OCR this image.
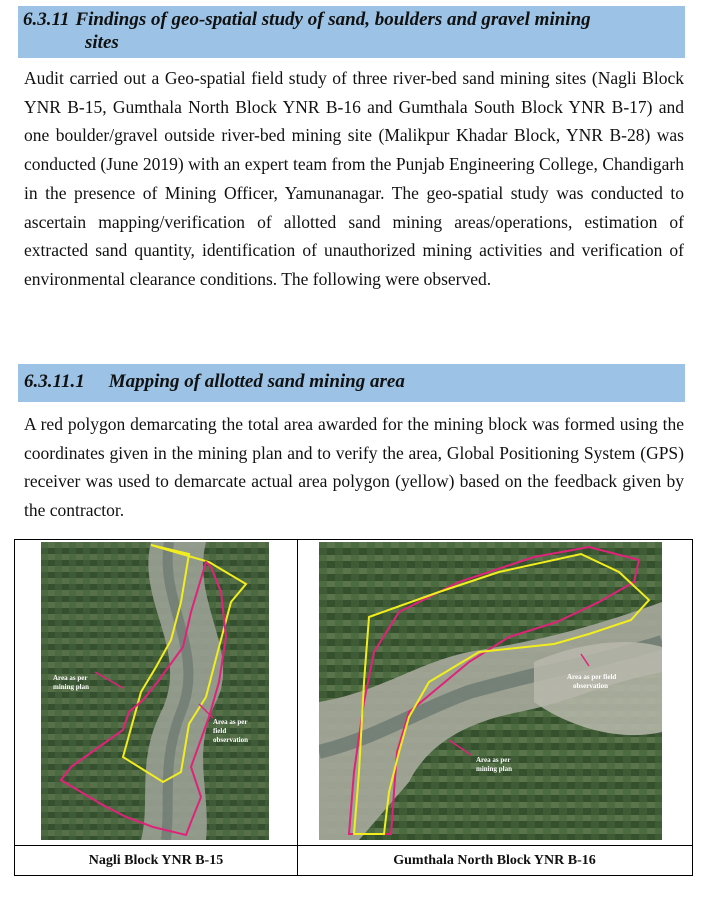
6.3.11 Findings of geo-spatial study of sand, boulders and gravel mining
sites

Audit carried out a Geo-spatial field study of three river-bed sand mining sites (Nagli Block YNR B-15, Gumthala North Block YNR B-16 and Gumthala South Block YNR B-17) and one boulder/gravel outside river-bed mining site (Malikpur Khadar Block, YNR B-28) was conducted (June 2019) with an expert team from the Punjab Engineering College, Chandigarh in the presence of Mining Officer, Yamunanagar. The geo-spatial study was conducted to ascertain mapping/verification of allotted sand mining areas/operations, estimation of extracted sand quantity, identification of unauthorized mining activities and verification of environmental clearance conditions. The following were observed.

6.3.11.1 Mapping of allotted sand mining area

A red polygon demarcating the total area awarded for the mining block was formed using the coordinates given in the mining plan and to verify the area, Global Positioning System (GPS) receiver was used to demarcate actual area polygon (yellow) based on the feedback given by the contractor.

Area as per
mining plan
Area as per
field
observation
Area as per field
observation
Area as per
mining plan
Nagli Block YNR B-15	Gumthala North Block YNR B-16
